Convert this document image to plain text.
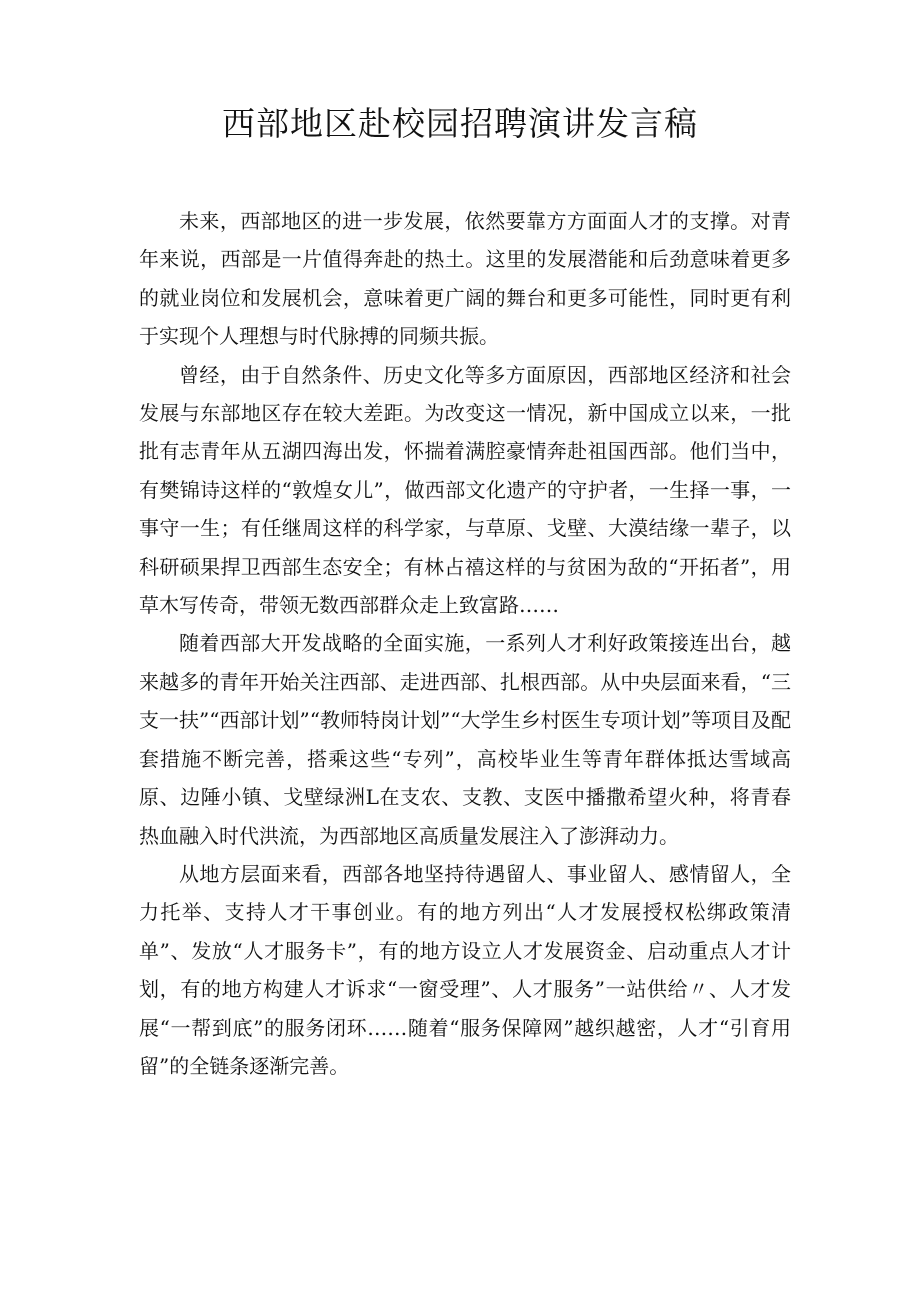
西部地区赴校园招聘演讲发言稿

未来，西部地区的进一步发展，依然要靠方方面面人才的支撑。对青年来说，西部是一片值得奔赴的热土。这里的发展潜能和后劲意味着更多的就业岗位和发展机会，意味着更广阔的舞台和更多可能性，同时更有利于实现个人理想与时代脉搏的同频共振。

曾经，由于自然条件、历史文化等多方面原因，西部地区经济和社会发展与东部地区存在较大差距。为改变这一情况，新中国成立以来，一批批有志青年从五湖四海出发，怀揣着满腔豪情奔赴祖国西部。他们当中，有樊锦诗这样的“敦煌女儿”，做西部文化遗产的守护者，一生择一事，一事守一生；有任继周这样的科学家，与草原、戈壁、大漠结缘一辈子，以科研硕果捍卫西部生态安全；有林占禧这样的与贫困为敌的“开拓者”，用草木写传奇，带领无数西部群众走上致富路……

随着西部大开发战略的全面实施，一系列人才利好政策接连出台，越来越多的青年开始关注西部、走进西部、扎根西部。从中央层面来看，“三支一扶”“西部计划”“教师特岗计划”“大学生乡村医生专项计划”等项目及配套措施不断完善，搭乘这些“专列”，高校毕业生等青年群体抵达雪域高原、边陲小镇、戈壁绿洲L在支农、支教、支医中播撒希望火种，将青春热血融入时代洪流，为西部地区高质量发展注入了澎湃动力。

从地方层面来看，西部各地坚持待遇留人、事业留人、感情留人，全力托举、支持人才干事创业。有的地方列出“人才发展授权松绑政策清单”、发放“人才服务卡”，有的地方设立人才发展资金、启动重点人才计划，有的地方构建人才诉求“一窗受理”、人才服务”一站供给〃、人才发展“一帮到底”的服务闭环……随着“服务保障网”越织越密，人才“引育用留”的全链条逐渐完善。
